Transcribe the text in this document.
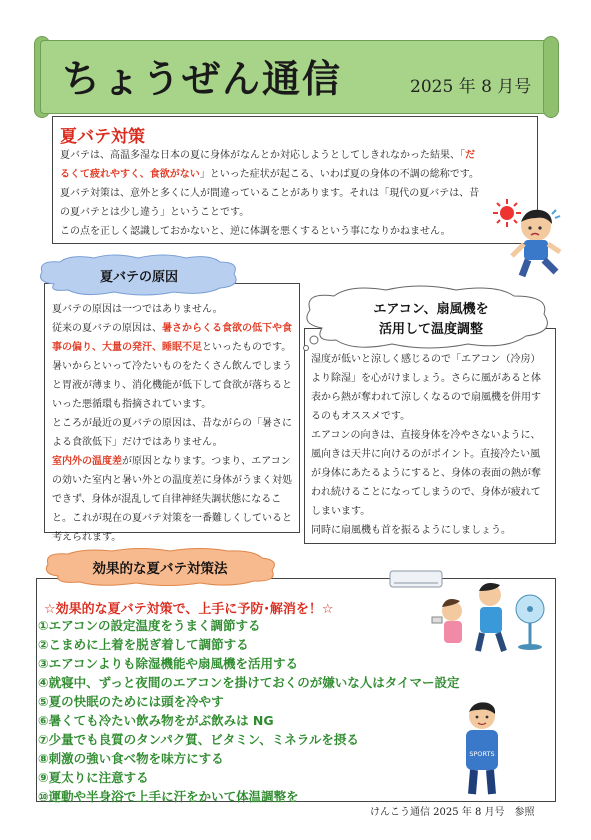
ちょうぜん通信	2025 年 8 月号
夏バテ対策

夏バテは、高温多湿な日本の夏に身体がなんとか対応しようとしてしきれなかった結果、「だるくて疲れやすく、食欲がない」といった症状が起こる、いわば夏の身体の不調の総称です。

夏バテ対策は、意外と多くに人が間違っていることがあります。それは「現代の夏バテは、昔の夏バテとは少し違う」ということです。

この点を正しく認識しておかないと、逆に体調を悪くするという事になりかねません。

夏バテの原因

夏バテの原因は一つではありません。

従来の夏バテの原因は、暑さからくる食欲の低下や食事の偏り、大量の発汗、睡眠不足といったものです。暑いからといって冷たいものをたくさん飲んでしまうと胃液が薄まり、消化機能が低下して食欲が落ちるといった悪循環も指摘されています。

ところが最近の夏バテの原因は、昔ながらの「暑さによる食欲低下」だけではありません。

室内外の温度差が原因となります。つまり、エアコンの効いた室内と暑い外との温度差に身体がうまく対処できず、身体が混乱して自律神経失調状態になること。これが現在の夏バテ対策を一番難しくしていると考えられます。

エアコン、扇風機を
活用して温度調整

湿度が低いと涼しく感じるので「エアコン（冷房）より除湿」を心がけましょう。さらに風があると体表から熱が奪われて涼しくなるので扇風機を併用するのもオススメです。

エアコンの向きは、直接身体を冷やさないように、風向きは天井に向けるのがポイント。直接冷たい風が身体にあたるようにすると、身体の表面の熱が奪われ続けることになってしまうので、身体が疲れてしまいます。

同時に扇風機も首を振るようにしましょう。

効果的な夏バテ対策法
☆効果的な夏バテ対策で、上手に予防･解消を！☆
①エアコンの設定温度をうまく調節する
②こまめに上着を脱ぎ着して調節する
③エアコンよりも除湿機能や扇風機を活用する
④就寝中、ずっと夜間のエアコンを掛けておくのが嫌いな人はタイマー設定
⑤夏の快眠のためには頭を冷やす
⑥暑くても冷たい飲み物をがぶ飲みは NG
⑦少量でも良質のタンパク質、ビタミン、ミネラルを摂る
⑧刺激の強い食べ物を味方にする
⑨夏太りに注意する
⑩運動や半身浴で上手に汗をかいて体温調整を
SPORTS
けんこう通信 2025 年 8 月号　参照
